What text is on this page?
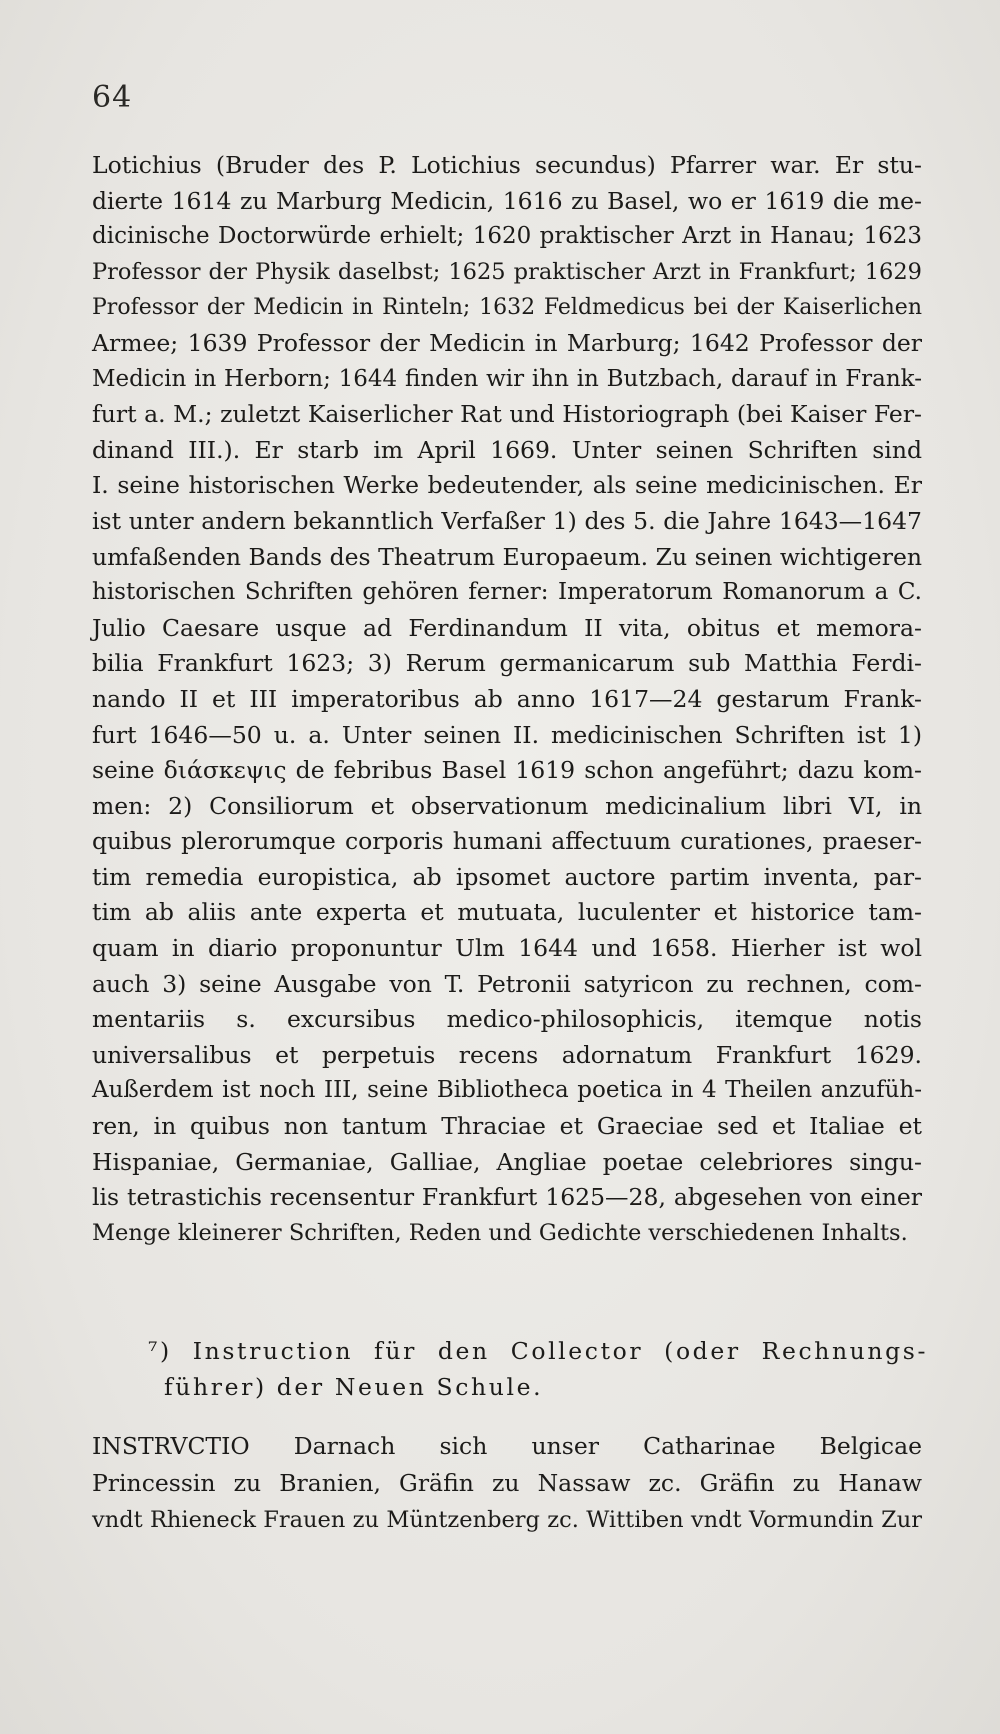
64
Lotichius (Bruder des P. Lotichius secundus) Pfarrer war. Er stu-
dierte 1614 zu Marburg Medicin, 1616 zu Basel, wo er 1619 die me-
dicinische Doctorwürde erhielt; 1620 praktischer Arzt in Hanau; 1623
Professor der Physik daselbst; 1625 praktischer Arzt in Frankfurt; 1629
Professor der Medicin in Rinteln; 1632 Feldmedicus bei der Kaiserlichen
Armee; 1639 Professor der Medicin in Marburg; 1642 Professor der
Medicin in Herborn; 1644 finden wir ihn in Butzbach, darauf in Frank-
furt a. M.; zuletzt Kaiserlicher Rat und Historiograph (bei Kaiser Fer-
dinand III.). Er starb im April 1669. Unter seinen Schriften sind
I. seine historischen Werke bedeutender, als seine medicinischen. Er
ist unter andern bekanntlich Verfaßer 1) des 5. die Jahre 1643—1647
umfaßenden Bands des Theatrum Europaeum. Zu seinen wichtigeren
historischen Schriften gehören ferner: Imperatorum Romanorum a C.
Julio Caesare usque ad Ferdinandum II vita, obitus et memora-
bilia Frankfurt 1623; 3) Rerum germanicarum sub Matthia Ferdi-
nando II et III imperatoribus ab anno 1617—24 gestarum Frank-
furt 1646—50 u. a. Unter seinen II. medicinischen Schriften ist 1)
seine διάσκεψις de febribus Basel 1619 schon angeführt; dazu kom-
men: 2) Consiliorum et observationum medicinalium libri VI, in
quibus plerorumque corporis humani affectuum curationes, praeser-
tim remedia europistica, ab ipsomet auctore partim inventa, par-
tim ab aliis ante experta et mutuata, luculenter et historice tam-
quam in diario proponuntur Ulm 1644 und 1658. Hierher ist wol
auch 3) seine Ausgabe von T. Petronii satyricon zu rechnen, com-
mentariis s. excursibus medico-philosophicis, itemque notis
universalibus et perpetuis recens adornatum Frankfurt 1629.
Außerdem ist noch III, seine Bibliotheca poetica in 4 Theilen anzufüh-
ren, in quibus non tantum Thraciae et Graeciae sed et Italiae et
Hispaniae, Germaniae, Galliae, Angliae poetae celebriores singu-
lis tetrastichis recensentur Frankfurt 1625—28, abgesehen von einer
Menge kleinerer Schriften, Reden und Gedichte verschiedenen Inhalts.
⁷) Instruction für den Collector (oder Rechnungs-
führer) der Neuen Schule.
INSTRVCTIO Darnach sich unser Catharinae Belgicae
Princessin zu Branien, Gräfin zu Nassaw zc. Gräfin zu Hanaw
vndt Rhieneck Frauen zu Müntzenberg zc. Wittiben vndt Vormundin Zur
